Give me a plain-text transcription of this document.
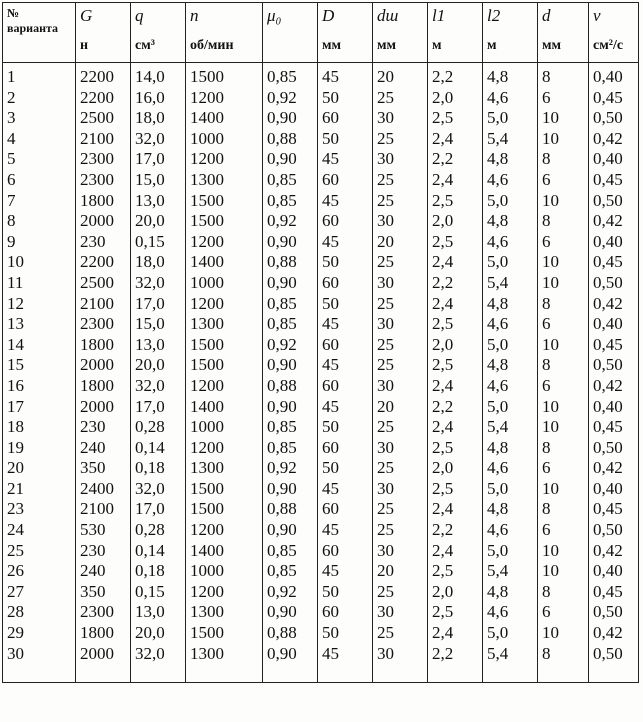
№
варианта	G	q	n	μ₀	D	dш	l1	l2	d	ν
	н	см³	об/мин		мм	мм	м	м	мм	см²/с
1	2200	14,0	1500	0,85	45	20	2,2	4,8	8	0,40
2	2200	16,0	1200	0,92	50	25	2,0	4,6	6	0,45
3	2500	18,0	1400	0,90	60	30	2,5	5,0	10	0,50
4	2100	32,0	1000	0,88	50	25	2,4	5,4	10	0,42
5	2300	17,0	1200	0,90	45	30	2,2	4,8	8	0,40
6	2300	15,0	1300	0,85	60	25	2,4	4,6	6	0,45
7	1800	13,0	1500	0,85	45	25	2,5	5,0	10	0,50
8	2000	20,0	1500	0,92	60	30	2,0	4,8	8	0,42
9	230	0,15	1200	0,90	45	20	2,5	4,6	6	0,40
10	2200	18,0	1400	0,88	50	25	2,4	5,0	10	0,45
11	2500	32,0	1000	0,90	60	30	2,2	5,4	10	0,50
12	2100	17,0	1200	0,85	50	25	2,4	4,8	8	0,42
13	2300	15,0	1300	0,85	45	30	2,5	4,6	6	0,40
14	1800	13,0	1500	0,92	60	25	2,0	5,0	10	0,45
15	2000	20,0	1500	0,90	45	25	2,5	4,8	8	0,50
16	1800	32,0	1200	0,88	60	30	2,4	4,6	6	0,42
17	2000	17,0	1400	0,90	45	20	2,2	5,0	10	0,40
18	230	0,28	1000	0,85	50	25	2,4	5,4	10	0,45
19	240	0,14	1200	0,85	60	30	2,5	4,8	8	0,50
20	350	0,18	1300	0,92	50	25	2,0	4,6	6	0,42
21	2400	32,0	1500	0,90	45	30	2,5	5,0	10	0,40
23	2100	17,0	1500	0,88	60	25	2,4	4,8	8	0,45
24	530	0,28	1200	0,90	45	25	2,2	4,6	6	0,50
25	230	0,14	1400	0,85	60	30	2,4	5,0	10	0,42
26	240	0,18	1000	0,85	45	20	2,5	5,4	10	0,40
27	350	0,15	1200	0,92	50	25	2,0	4,8	8	0,45
28	2300	13,0	1300	0,90	60	30	2,5	4,6	6	0,50
29	1800	20,0	1500	0,88	50	25	2,4	5,0	10	0,42
30	2000	32,0	1300	0,90	45	30	2,2	5,4	8	0,50
